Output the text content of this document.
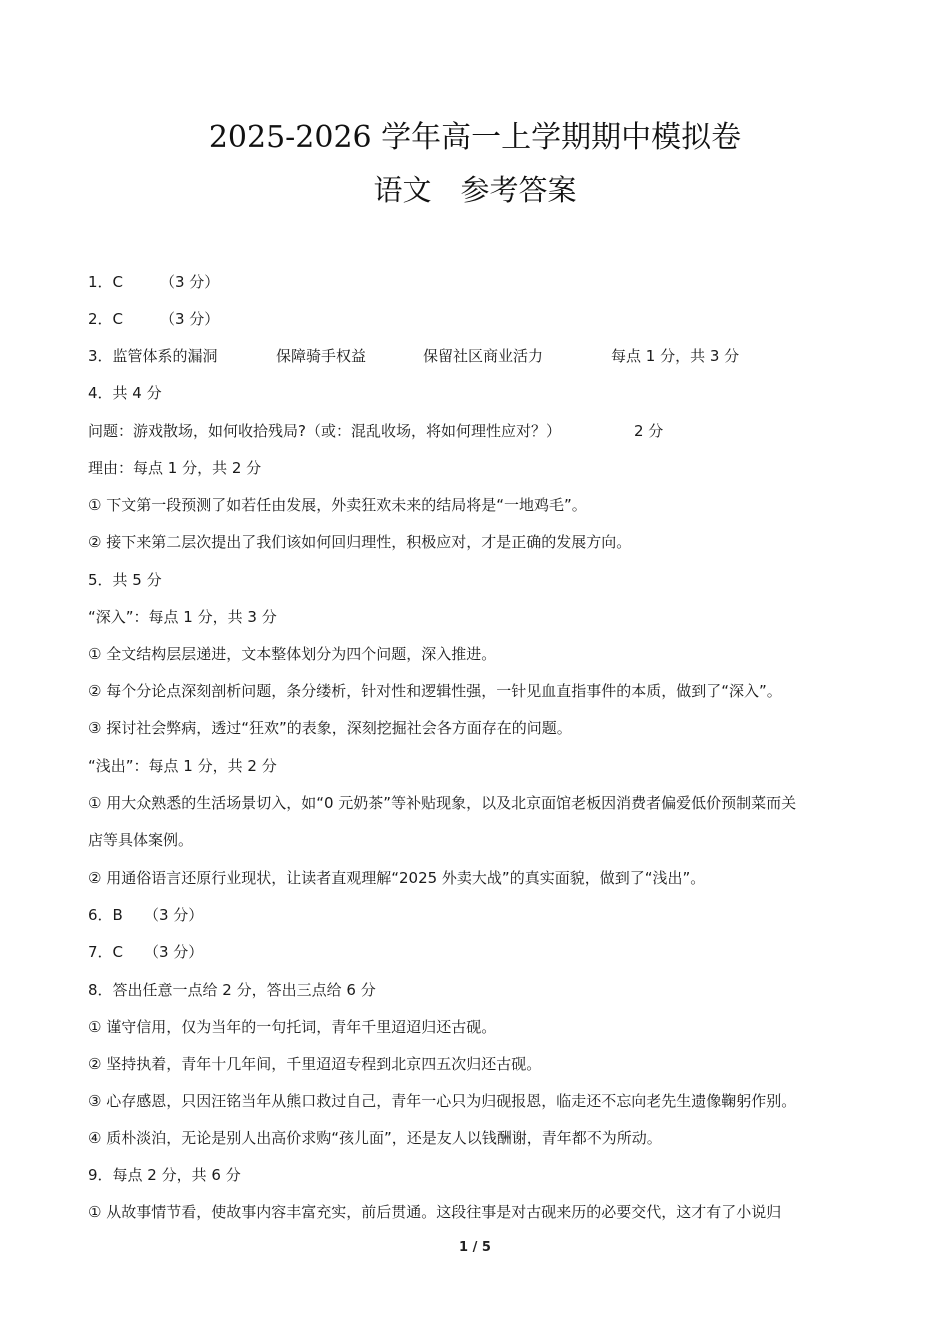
2025-2026 学年高一上学期期中模拟卷
语文　参考答案
1．C （3 分）
2．C （3 分）
3．监管体系的漏洞	保障骑手权益	保留社区商业活力	每点 1 分，共 3 分
4．共 4 分
问题：游戏散场，如何收拾残局?（或：混乱收场，将如何理性应对？）	2 分
理由：每点 1 分，共 2 分
① 下文第一段预测了如若任由发展，外卖狂欢未来的结局将是“一地鸡毛”。
② 接下来第二层次提出了我们该如何回归理性，积极应对，才是正确的发展方向。
5．共 5 分
“深入”：每点 1 分，共 3 分
① 全文结构层层递进，文本整体划分为四个问题，深入推进。
② 每个分论点深刻剖析问题，条分缕析，针对性和逻辑性强，一针见血直指事件的本质，做到了“深入”。
③ 探讨社会弊病，透过“狂欢”的表象，深刻挖掘社会各方面存在的问题。
“浅出”：每点 1 分，共 2 分
① 用大众熟悉的生活场景切入，如“0 元奶茶”等补贴现象，以及北京面馆老板因消费者偏爱低价预制菜而关
店等具体案例。
② 用通俗语言还原行业现状，让读者直观理解“2025 外卖大战”的真实面貌，做到了“浅出”。
6．B （3 分）
7．C （3 分）
8．答出任意一点给 2 分，答出三点给 6 分
① 谨守信用，仅为当年的一句托词，青年千里迢迢归还古砚。
② 坚持执着，青年十几年间，千里迢迢专程到北京四五次归还古砚。
③ 心存感恩，只因汪铭当年从熊口救过自己，青年一心只为归砚报恩，临走还不忘向老先生遗像鞠躬作别。
④ 质朴淡泊，无论是别人出高价求购“孩儿面”，还是友人以钱酬谢，青年都不为所动。
9．每点 2 分，共 6 分
① 从故事情节看，使故事内容丰富充实，前后贯通。这段往事是对古砚来历的必要交代，这才有了小说归
1 / 5
